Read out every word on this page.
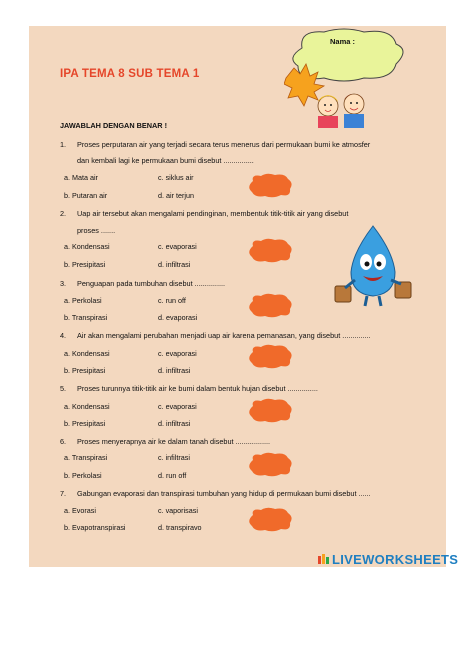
Nama :
IPA TEMA 8 SUB TEMA 1
JAWABLAH DENGAN BENAR !
1. Proses perputaran air yang terjadi secara terus menerus dari permukaan bumi ke atmosfer
dan kembali lagi ke permukaan bumi disebut ...............
a. Mata air	c. siklus air
b. Putaran air	d. air terjun
2. Uap air tersebut akan mengalami pendinginan, membentuk titik-titik air yang disebut
proses .......
a. Kondensasi	c. evaporasi
b. Presipitasi	d. infiltrasi
3. Penguapan pada tumbuhan disebut ...............
a. Perkolasi	c. run off
b. Transpirasi	d. evaporasi
4. Air akan mengalami perubahan menjadi uap air karena pemanasan, yang disebut ..............
a. Kondensasi	c. evaporasi
b. Presipitasi	d. infiltrasi
5. Proses turunnya titik-titik air ke bumi dalam bentuk hujan disebut ...............
a. Kondensasi	c. evaporasi
b. Presipitasi	d. infiltrasi
6. Proses menyerapnya air ke dalam tanah disebut .................
a. Transpirasi	c. infiltrasi
b. Perkolasi	d. run off
7. Gabungan evaporasi dan transpirasi tumbuhan yang hidup di permukaan bumi disebut ......
a. Evorasi	c. vaporisasi
b. Evapotranspirasi	d. transpiravo
LIVEWORKSHEETS
